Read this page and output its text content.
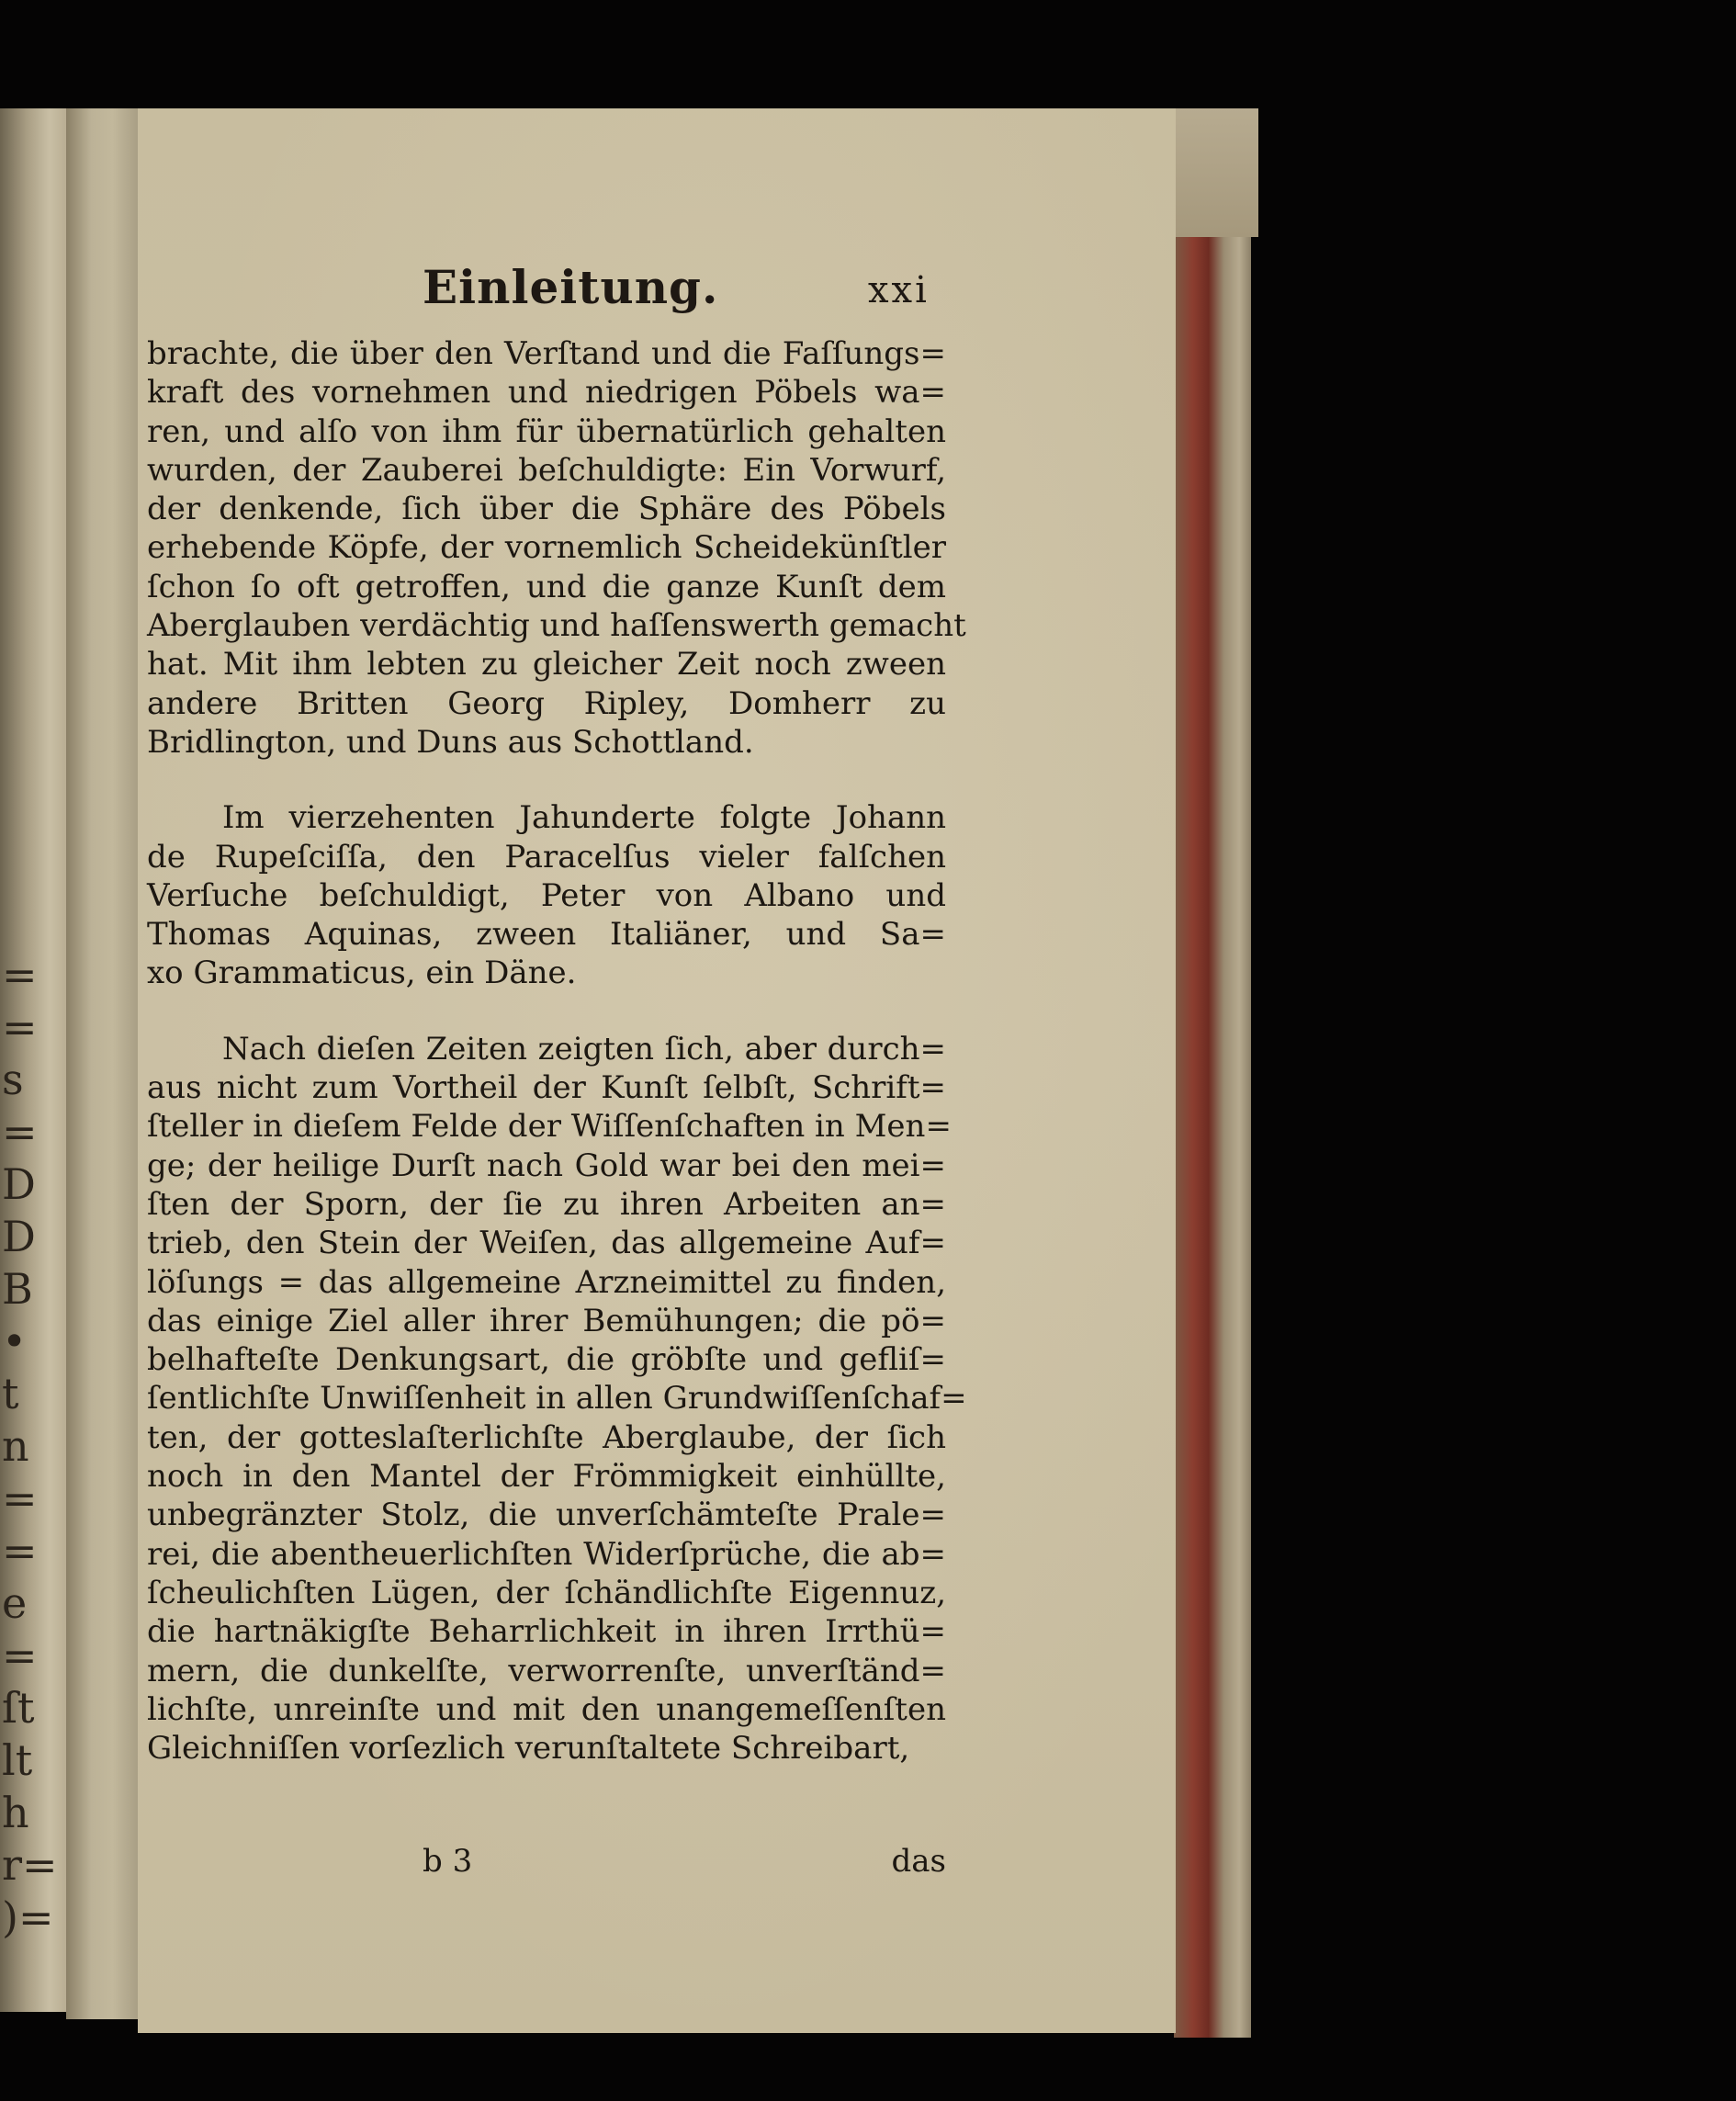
=
=
s
=
D
D
B
•
t
n
=
=
e
=
ſt
lt
h
r=
)=
Einleitung.	xxi
brachte, die über den Verſtand und die Faſſungs=
kraft des vornehmen und niedrigen Pöbels wa=
ren, und alſo von ihm für übernatürlich gehalten
wurden, der Zauberei beſchuldigte: Ein Vorwurf,
der denkende, ſich über die Sphäre des Pöbels
erhebende Köpfe, der vornemlich Scheidekünſtler
ſchon ſo oft getroffen, und die ganze Kunſt dem
Aberglauben verdächtig und haſſenswerth gemacht
hat. Mit ihm lebten zu gleicher Zeit noch zween
andere Britten Georg Ripley, Domherr zu
Bridlington, und Duns aus Schottland.
Im vierzehenten Jahunderte folgte Johann
de Rupeſciſſa, den Paracelſus vieler falſchen
Verſuche beſchuldigt, Peter von Albano und
Thomas Aquinas, zween Italiäner, und Sa=
xo Grammaticus, ein Däne.
Nach dieſen Zeiten zeigten ſich, aber durch=
aus nicht zum Vortheil der Kunſt ſelbſt, Schrift=
ſteller in dieſem Felde der Wiſſenſchaften in Men=
ge; der heilige Durſt nach Gold war bei den mei=
ſten der Sporn, der ſie zu ihren Arbeiten an=
trieb, den Stein der Weiſen, das allgemeine Auf=
löſungs = das allgemeine Arzneimittel zu finden,
das einige Ziel aller ihrer Bemühungen; die pö=
belhafteſte Denkungsart, die gröbſte und gefliſ=
ſentlichſte Unwiſſenheit in allen Grundwiſſenſchaf=
ten, der gotteslaſterlichſte Aberglaube, der ſich
noch in den Mantel der Frömmigkeit einhüllte,
unbegränzter Stolz, die unverſchämteſte Prale=
rei, die abentheuerlichſten Widerſprüche, die ab=
ſcheulichſten Lügen, der ſchändlichſte Eigennuz,
die hartnäkigſte Beharrlichkeit in ihren Irrthü=
mern, die dunkelſte, verworrenſte, unverſtänd=
lichſte, unreinſte und mit den unangemeſſenſten
Gleichniſſen vorſezlich verunſtaltete Schreibart,
b 3	das
